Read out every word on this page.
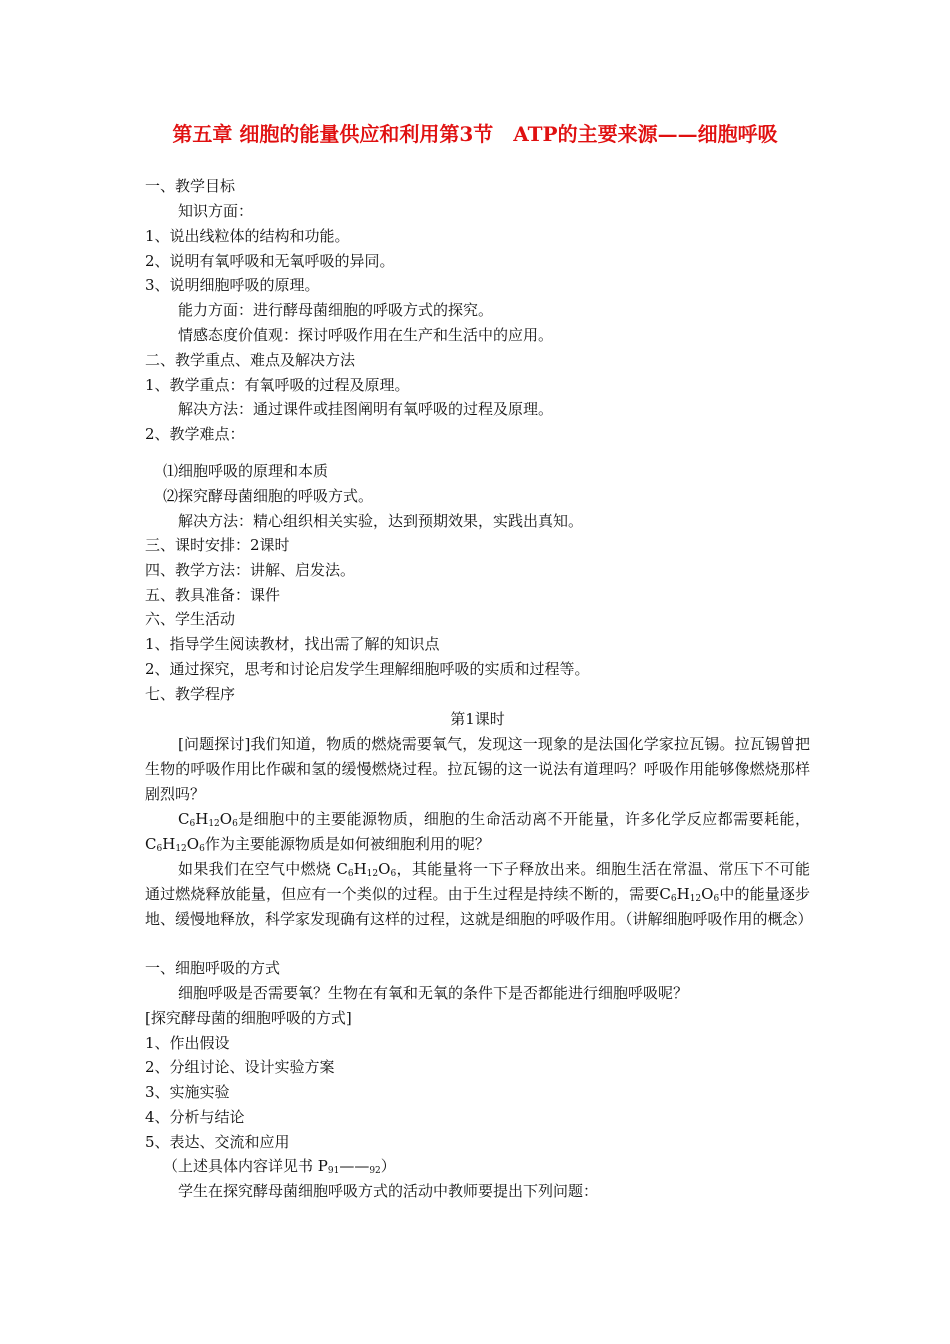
第五章 细胞的能量供应和利用第3节　ATP的主要来源——细胞呼吸
一、教学目标
知识方面：
1、说出线粒体的结构和功能。
2、说明有氧呼吸和无氧呼吸的异同。
3、说明细胞呼吸的原理。
能力方面：进行酵母菌细胞的呼吸方式的探究。
情感态度价值观：探讨呼吸作用在生产和生活中的应用。
二、教学重点、难点及解决方法
1、教学重点：有氧呼吸的过程及原理。
解决方法：通过课件或挂图阐明有氧呼吸的过程及原理。
2、教学难点：
⑴细胞呼吸的原理和本质
⑵探究酵母菌细胞的呼吸方式。
解决方法：精心组织相关实验，达到预期效果，实践出真知。
三、课时安排：2课时
四、教学方法：讲解、启发法。
五、教具准备：课件
六、学生活动
1、指导学生阅读教材，找出需了解的知识点
2、通过探究，思考和讨论启发学生理解细胞呼吸的实质和过程等。
七、教学程序
第1课时
[问题探讨]我们知道，物质的燃烧需要氧气，发现这一现象的是法国化学家拉瓦锡。拉瓦锡曾把生物的呼吸作用比作碳和氢的缓慢燃烧过程。拉瓦锡的这一说法有道理吗？呼吸作用能够像燃烧那样剧烈吗？
$C_6H_{12}O_6$是细胞中的主要能源物质，细胞的生命活动离不开能量，许多化学反应都需要耗能，$C_6H_{12}O_6$作为主要能源物质是如何被细胞利用的呢？
如果我们在空气中燃烧 $C_6H_{12}O_6$，其能量将一下子释放出来。细胞生活在常温、常压下不可能通过燃烧释放能量，但应有一个类似的过程。由于生过程是持续不断的，需要$C_6H_{12}O_6$中的能量逐步地、缓慢地释放，科学家发现确有这样的过程，这就是细胞的呼吸作用。（讲解细胞呼吸作用的概念）
一、细胞呼吸的方式
细胞呼吸是否需要氧？生物在有氧和无氧的条件下是否都能进行细胞呼吸呢？
[探究酵母菌的细胞呼吸的方式]
1、作出假设
2、分组讨论、设计实验方案
3、实施实验
4、分析与结论
5、表达、交流和应用
（上述具体内容详见书 $P_{91}——_{92}$）
学生在探究酵母菌细胞呼吸方式的活动中教师要提出下列问题：
